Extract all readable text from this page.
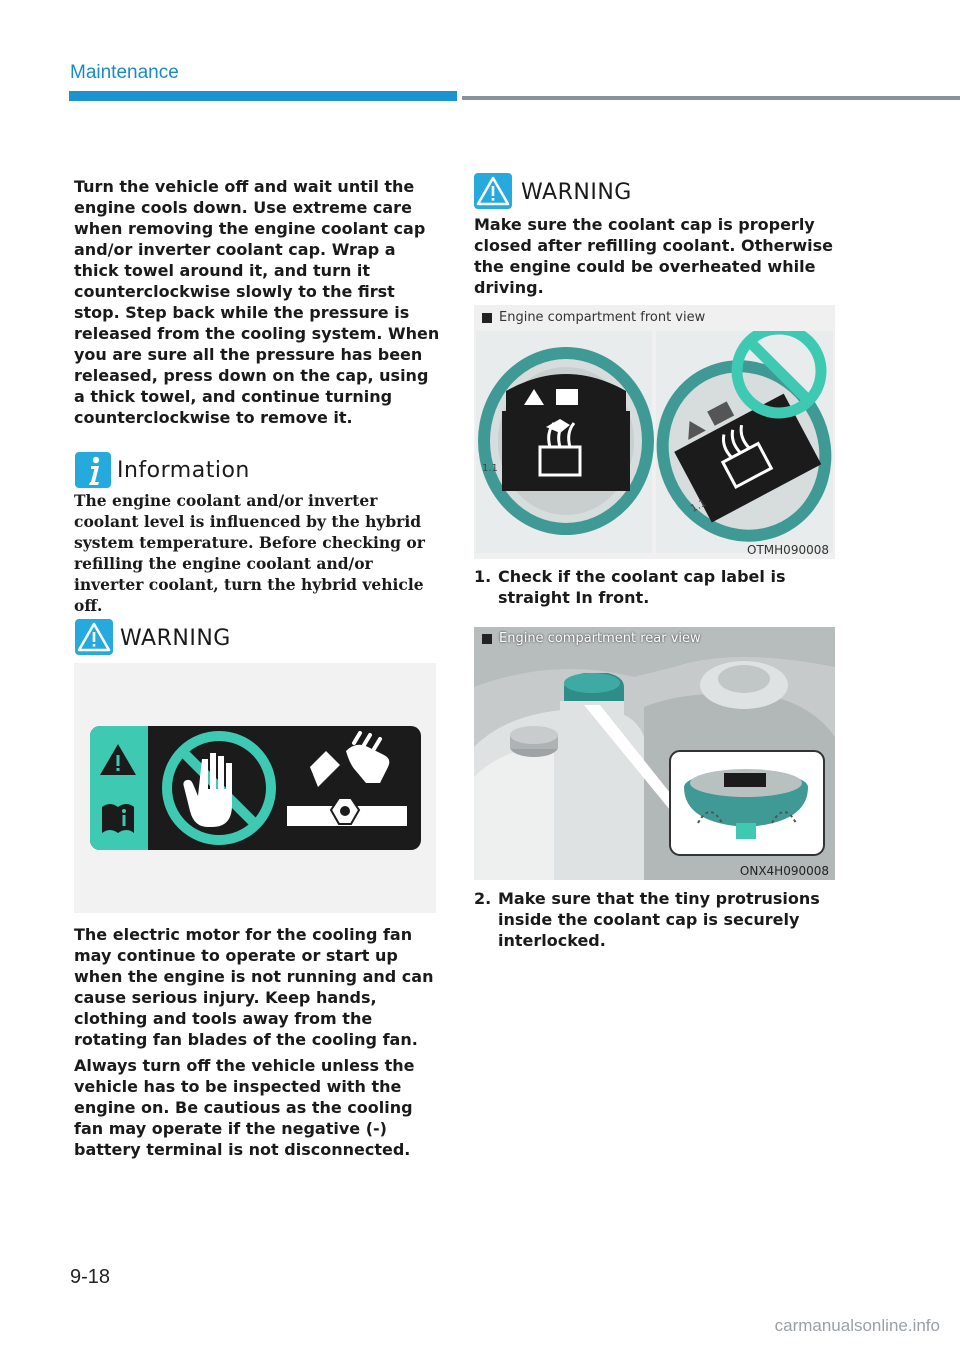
Maintenance

Turn the vehicle off and wait until the engine cools down. Use extreme care when removing the engine coolant cap and/or inverter coolant cap. Wrap a thick towel around it, and turn it counterclockwise slowly to the first stop. Step back while the pressure is released from the cooling system. When you are sure all the pressure has been released, press down on the cap, using a thick towel, and continue turning counterclockwise to remove it.

Information

The engine coolant and/or inverter coolant level is influenced by the hybrid system temperature. Before checking or refilling the engine coolant and/or inverter coolant, turn the hybrid vehicle off.

WARNING

The electric motor for the cooling fan may continue to operate or start up when the engine is not running and can cause serious injury. Keep hands, clothing and tools away from the rotating fan blades of the cooling fan.

Always turn off the vehicle unless the vehicle has to be inspected with the engine on. Be cautious as the cooling fan may operate if the negative (-) battery terminal is not disconnected.

WARNING

Make sure the coolant cap is properly closed after refilling coolant. Otherwise the engine could be overheated while driving.

Engine compartment front view
1.1
1.1
OTMH090008
1. Check if the coolant cap label is straight In front.
Engine compartment rear view
ONX4H090008
2. Make sure that the tiny protrusions inside the coolant cap is securely interlocked.
9-18
carmanualsonline.info
